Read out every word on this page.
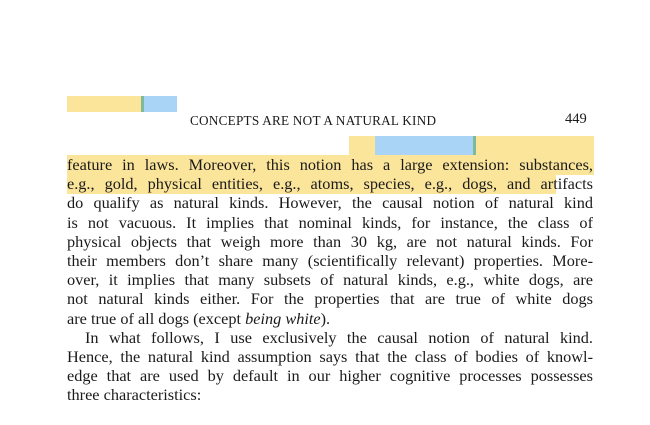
CONCEPTS ARE NOT A NATURAL KIND	449
feature in laws. Moreover, this notion has a large extension: substances,
e.g., gold, physical entities, e.g., atoms, species, e.g., dogs, and artifacts
do qualify as natural kinds. However, the causal notion of natural kind
is not vacuous. It implies that nominal kinds, for instance, the class of
physical objects that weigh more than 30 kg, are not natural kinds. For
their members don’t share many (scientifically relevant) properties. More-
over, it implies that many subsets of natural kinds, e.g., white dogs, are
not natural kinds either. For the properties that are true of white dogs
are true of all dogs (except being white).
In what follows, I use exclusively the causal notion of natural kind.
Hence, the natural kind assumption says that the class of bodies of knowl-
edge that are used by default in our higher cognitive processes possesses
three characteristics:
